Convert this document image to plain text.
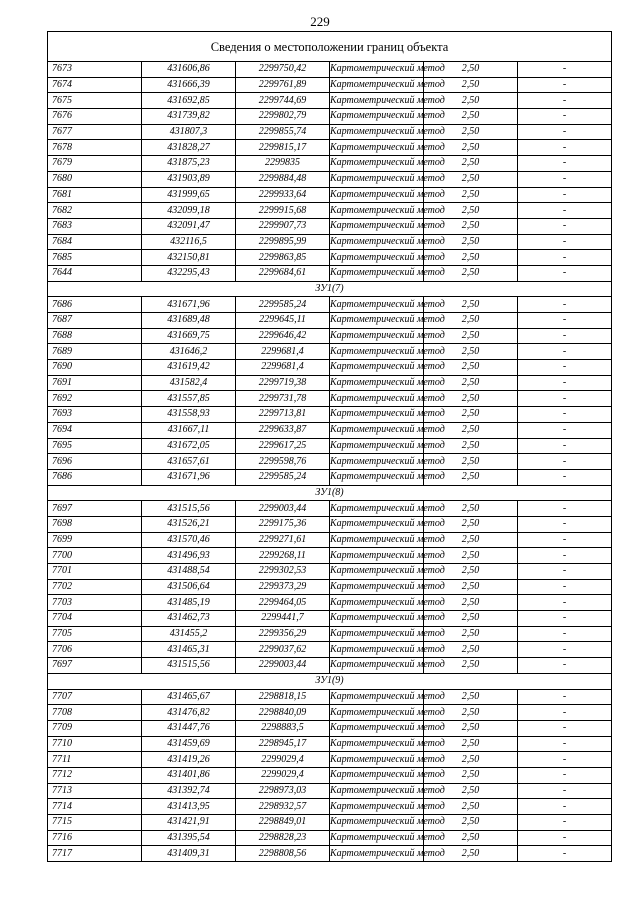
229
Сведения о местоположении границ объекта					
7673	431606,86	2299750,42	Картометрический метод	2,50	-
7674	431666,39	2299761,89	Картометрический метод	2,50	-
7675	431692,85	2299744,69	Картометрический метод	2,50	-
7676	431739,82	2299802,79	Картометрический метод	2,50	-
7677	431807,3	2299855,74	Картометрический метод	2,50	-
7678	431828,27	2299815,17	Картометрический метод	2,50	-
7679	431875,23	2299835	Картометрический метод	2,50	-
7680	431903,89	2299884,48	Картометрический метод	2,50	-
7681	431999,65	2299933,64	Картометрический метод	2,50	-
7682	432099,18	2299915,68	Картометрический метод	2,50	-
7683	432091,47	2299907,73	Картометрический метод	2,50	-
7684	432116,5	2299895,99	Картометрический метод	2,50	-
7685	432150,81	2299863,85	Картометрический метод	2,50	-
7644	432295,43	2299684,61	Картометрический метод	2,50	-
ЗУ1(7)					
7686	431671,96	2299585,24	Картометрический метод	2,50	-
7687	431689,48	2299645,11	Картометрический метод	2,50	-
7688	431669,75	2299646,42	Картометрический метод	2,50	-
7689	431646,2	2299681,4	Картометрический метод	2,50	-
7690	431619,42	2299681,4	Картометрический метод	2,50	-
7691	431582,4	2299719,38	Картометрический метод	2,50	-
7692	431557,85	2299731,78	Картометрический метод	2,50	-
7693	431558,93	2299713,81	Картометрический метод	2,50	-
7694	431667,11	2299633,87	Картометрический метод	2,50	-
7695	431672,05	2299617,25	Картометрический метод	2,50	-
7696	431657,61	2299598,76	Картометрический метод	2,50	-
7686	431671,96	2299585,24	Картометрический метод	2,50	-
ЗУ1(8)					
7697	431515,56	2299003,44	Картометрический метод	2,50	-
7698	431526,21	2299175,36	Картометрический метод	2,50	-
7699	431570,46	2299271,61	Картометрический метод	2,50	-
7700	431496,93	2299268,11	Картометрический метод	2,50	-
7701	431488,54	2299302,53	Картометрический метод	2,50	-
7702	431506,64	2299373,29	Картометрический метод	2,50	-
7703	431485,19	2299464,05	Картометрический метод	2,50	-
7704	431462,73	2299441,7	Картометрический метод	2,50	-
7705	431455,2	2299356,29	Картометрический метод	2,50	-
7706	431465,31	2299037,62	Картометрический метод	2,50	-
7697	431515,56	2299003,44	Картометрический метод	2,50	-
ЗУ1(9)					
7707	431465,67	2298818,15	Картометрический метод	2,50	-
7708	431476,82	2298840,09	Картометрический метод	2,50	-
7709	431447,76	2298883,5	Картометрический метод	2,50	-
7710	431459,69	2298945,17	Картометрический метод	2,50	-
7711	431419,26	2299029,4	Картометрический метод	2,50	-
7712	431401,86	2299029,4	Картометрический метод	2,50	-
7713	431392,74	2298973,03	Картометрический метод	2,50	-
7714	431413,95	2298932,57	Картометрический метод	2,50	-
7715	431421,91	2298849,01	Картометрический метод	2,50	-
7716	431395,54	2298828,23	Картометрический метод	2,50	-
7717	431409,31	2298808,56	Картометрический метод	2,50	-
